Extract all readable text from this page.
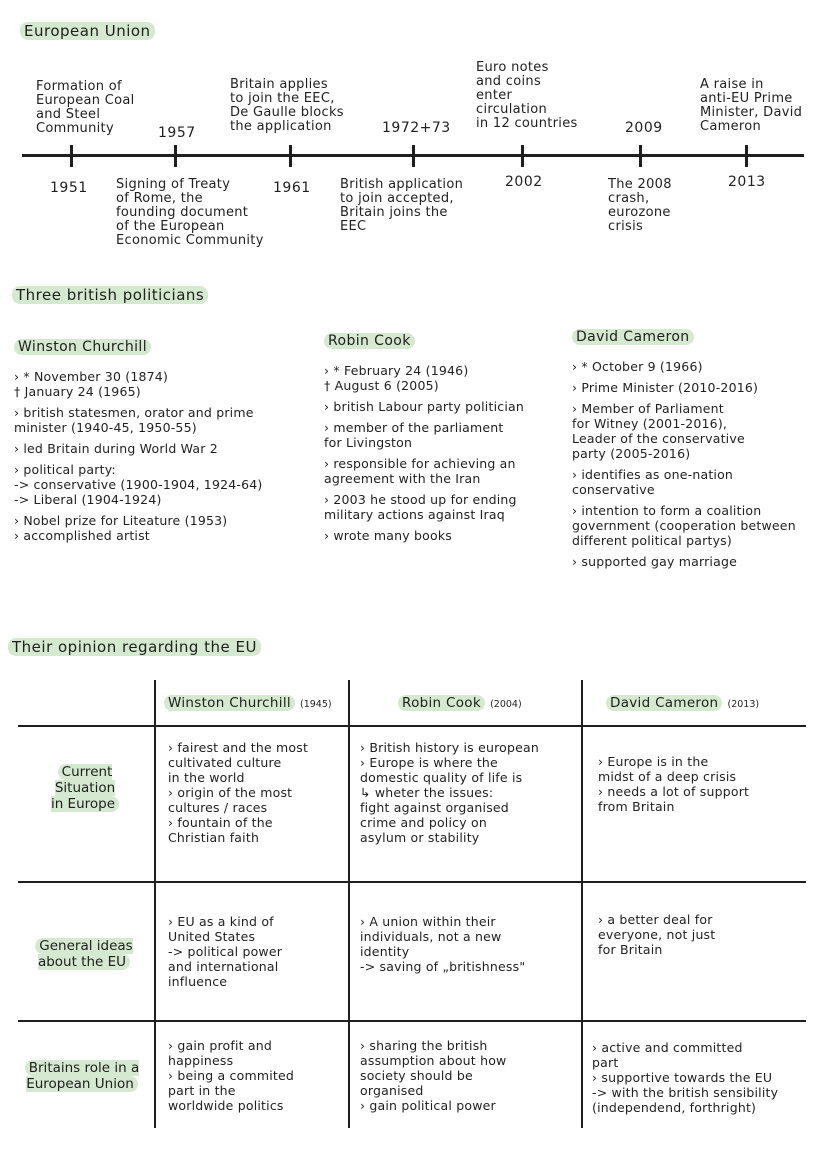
European Union
Formation of
European Coal
and Steel
Community
Britain applies
to join the EEC,
De Gaulle blocks
the application
Euro notes
and coins
enter
circulation
in 12 countries
A raise in
anti-EU Prime
Minister, David
Cameron
1951
1957
1961
1972+73
2002
2009
2013
Signing of Treaty
of Rome, the
founding document
of the European
Economic Community
British application
to join accepted,
Britain joins the
EEC
The 2008
crash,
eurozone
crisis
Three british politicians
Winston Churchill
› * November 30 (1874)
† January 24 (1965)
› british statesmen, orator and prime
minister (1940-45, 1950-55)
› led Britain during World War 2
› political party:
-> conservative (1900-1904, 1924-64)
-> Liberal (1904-1924)
› Nobel prize for Liteature (1953)
› accomplished artist
Robin Cook
› * February 24 (1946)
† August 6 (2005)
› british Labour party politician
› member of the parliament
for Livingston
› responsible for achieving an
agreement with the Iran
› 2003 he stood up for ending
military actions against Iraq
› wrote many books
David Cameron
› * October 9 (1966)
› Prime Minister (2010-2016)
› Member of Parliament
for Witney (2001-2016),
Leader of the conservative
party (2005-2016)
› identifies as one-nation
conservative
› intention to form a coalition
government (cooperation between
different political partys)
› supported gay marriage
Their opinion regarding the EU
Winston Churchill (1945)	Robin Cook (2004)	David Cameron (2013)
Current
Situation
in Europe
General ideas
about the EU
Britains role in a
European Union
› fairest and the most
cultivated culture
in the world
› origin of the most
cultures / races
› fountain of the
Christian faith
› British history is european
› Europe is where the
domestic quality of life is
↳ wheter the issues:
fight against organised
crime and policy on
asylum or stability
› Europe is in the
midst of a deep crisis
› needs a lot of support
from Britain
› EU as a kind of
United States
-> political power
and international
influence
› A union within their
individuals, not a new
identity
-> saving of „britishness"
› a better deal for
everyone, not just
for Britain
› gain profit and
happiness
› being a commited
part in the
worldwide politics
› sharing the british
assumption about how
society should be
organised
› gain political power
› active and committed
part
› supportive towards the EU
-> with the british sensibility
(independend, forthright)
